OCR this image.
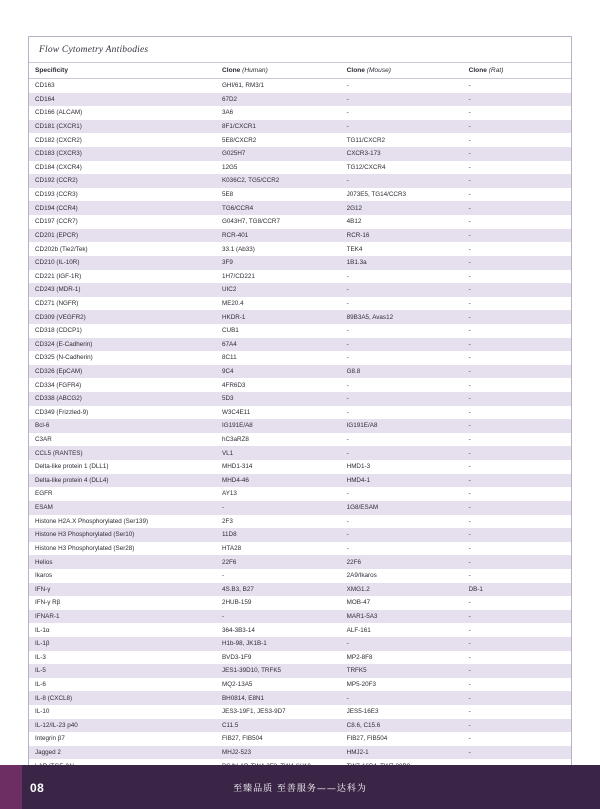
Flow Cytometry Antibodies
Specificity	Clone (Human)	Clone (Mouse)	Clone (Rat)
CD163	GHI/61, RM3/1	-	-
CD164	67D2	-	-
CD166 (ALCAM)	3A6	-	-
CD181 (CXCR1)	8F1/CXCR1	-	-
CD182 (CXCR2)	5E8/CXCR2	TG11/CXCR2	-
CD183 (CXCR3)	G025H7	CXCR3-173	-
CD184 (CXCR4)	12G5	TG12/CXCR4	-
CD192 (CCR2)	K036C2, TG5/CCR2	-	-
CD193 (CCR3)	5E8	J073E5, TG14/CCR3	-
CD194 (CCR4)	TG6/CCR4	2G12	-
CD197 (CCR7)	G043H7, TG8/CCR7	4B12	-
CD201 (EPCR)	RCR-401	RCR-16	-
CD202b (Tie2/Tek)	33.1 (Ab33)	TEK4	-
CD210 (IL-10R)	3F9	1B1.3a	-
CD221 (IGF-1R)	1H7/CD221	-	-
CD243 (MDR-1)	UIC2	-	-
CD271 (NGFR)	ME20.4	-	-
CD309 (VEGFR2)	HKDR-1	89B3A5, Avas12	-
CD318 (CDCP1)	CUB1	-	-
CD324 (E-Cadherin)	67A4	-	-
CD325 (N-Cadherin)	8C11	-	-
CD326 (EpCAM)	9C4	G8.8	-
CD334 (FGFR4)	4FR6D3	-	-
CD338 (ABCG2)	5D3	-	-
CD349 (Frizzled-9)	W3C4E11	-	-
Bcl-6	IG191E/A8	IG191E/A8	-
C3AR	hC3aRZ8	-	-
CCL5 (RANTES)	VL1	-	-
Delta-like protein 1 (DLL1)	MHD1-314	HMD1-3	-
Delta-like protein 4 (DLL4)	MHD4-46	HMD4-1	-
EGFR	AY13	-	-
ESAM	-	1G8/ESAM	-
Histone H2A.X Phosphorylated (Ser139)	2F3	-	-
Histone H3 Phosphorylated (Ser10)	11D8	-	-
Histone H3 Phosphorylated (Ser28)	HTA28	-	-
Helios	22F6	22F6	-
Ikaros	-	2A9/Ikaros	-
IFN-γ	4S.B3, B27	XMG1.2	DB-1
IFN-γ Rβ	2HUB-159	MOB-47	-
IFNAR-1	-	MAR1-5A3	-
IL-1α	364-3B3-14	ALF-161	-
IL-1β	H1b-98, JK1B-1	-	-
IL-3	BVD3-1F9	MP2-8F8	-
IL-5	JES1-39D10, TRFK5	TRFK5	-
IL-6	MQ2-13A5	MP5-20F3	-
IL-8 (CXCL8)	BH0814, E8N1	-	-
IL-10	JES3-19F1, JES3-9D7	JES5-16E3	-
IL-12/IL-23 p40	C11.5	C8.6, C15.6	-
Integrin β7	FIB27, FIB504	FIB27, FIB504	-
Jagged 2	MHJ2-523	HMJ2-1	-

08	至臻品质 至善服务——达科为
